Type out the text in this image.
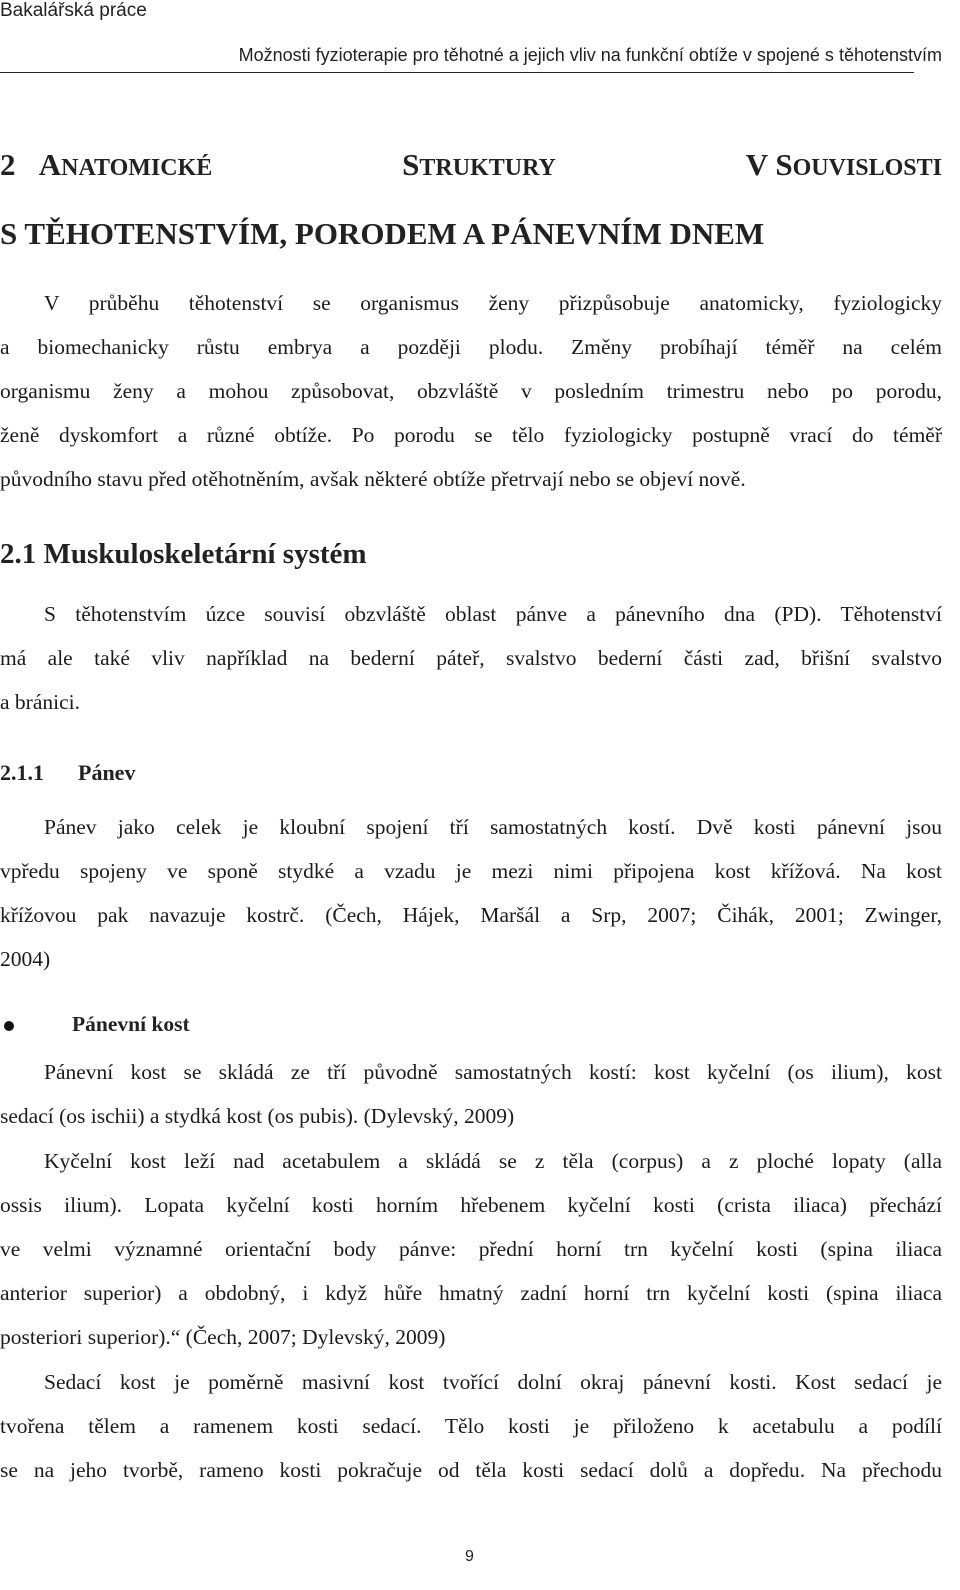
Bakalářská práce
Možnosti fyzioterapie pro těhotné a jejich vliv na funkční obtíže v spojené s těhotenstvím
2 ANATOMICKÉ	STRUKTURY	V SOUVISLOSTI
S TĚHOTENSTVÍM, PORODEM A PÁNEVNÍM DNEM
V průběhu těhotenství se organismus ženy přizpůsobuje anatomicky, fyziologicky
a biomechanicky růstu embrya a později plodu. Změny probíhají téměř na celém
organismu ženy a mohou způsobovat, obzvláště v posledním trimestru nebo po porodu,
ženě dyskomfort a různé obtíže. Po porodu se tělo fyziologicky postupně vrací do téměř
původního stavu před otěhotněním, avšak některé obtíže přetrvají nebo se objeví nově.
2.1 Muskuloskeletární systém
S těhotenstvím úzce souvisí obzvláště oblast pánve a pánevního dna (PD). Těhotenství
má ale také vliv například na bederní páteř, svalstvo bederní části zad, břišní svalstvo
a bránici.
2.1.1 Pánev
Pánev jako celek je kloubní spojení tří samostatných kostí. Dvě kosti pánevní jsou
vpředu spojeny ve sponě stydké a vzadu je mezi nimi připojena kost křížová. Na kost
křížovou pak navazuje kostrč. (Čech, Hájek, Maršál a Srp, 2007; Čihák, 2001; Zwinger,
2004)
Pánevní kost
Pánevní kost se skládá ze tří původně samostatných kostí: kost kyčelní (os ilium), kost
sedací (os ischii) a stydká kost (os pubis). (Dylevský, 2009)
Kyčelní kost leží nad acetabulem a skládá se z těla (corpus) a z ploché lopaty (alla
ossis ilium). Lopata kyčelní kosti horním hřebenem kyčelní kosti (crista iliaca) přechází
ve velmi významné orientační body pánve: přední horní trn kyčelní kosti (spina iliaca
anterior superior) a obdobný, i když hůře hmatný zadní horní trn kyčelní kosti (spina iliaca
posteriori superior).“ (Čech, 2007; Dylevský, 2009)
Sedací kost je poměrně masivní kost tvořící dolní okraj pánevní kosti. Kost sedací je
tvořena tělem a ramenem kosti sedací. Tělo kosti je přiloženo k acetabulu a podílí
se na jeho tvorbě, rameno kosti pokračuje od těla kosti sedací dolů a dopředu. Na přechodu
9
